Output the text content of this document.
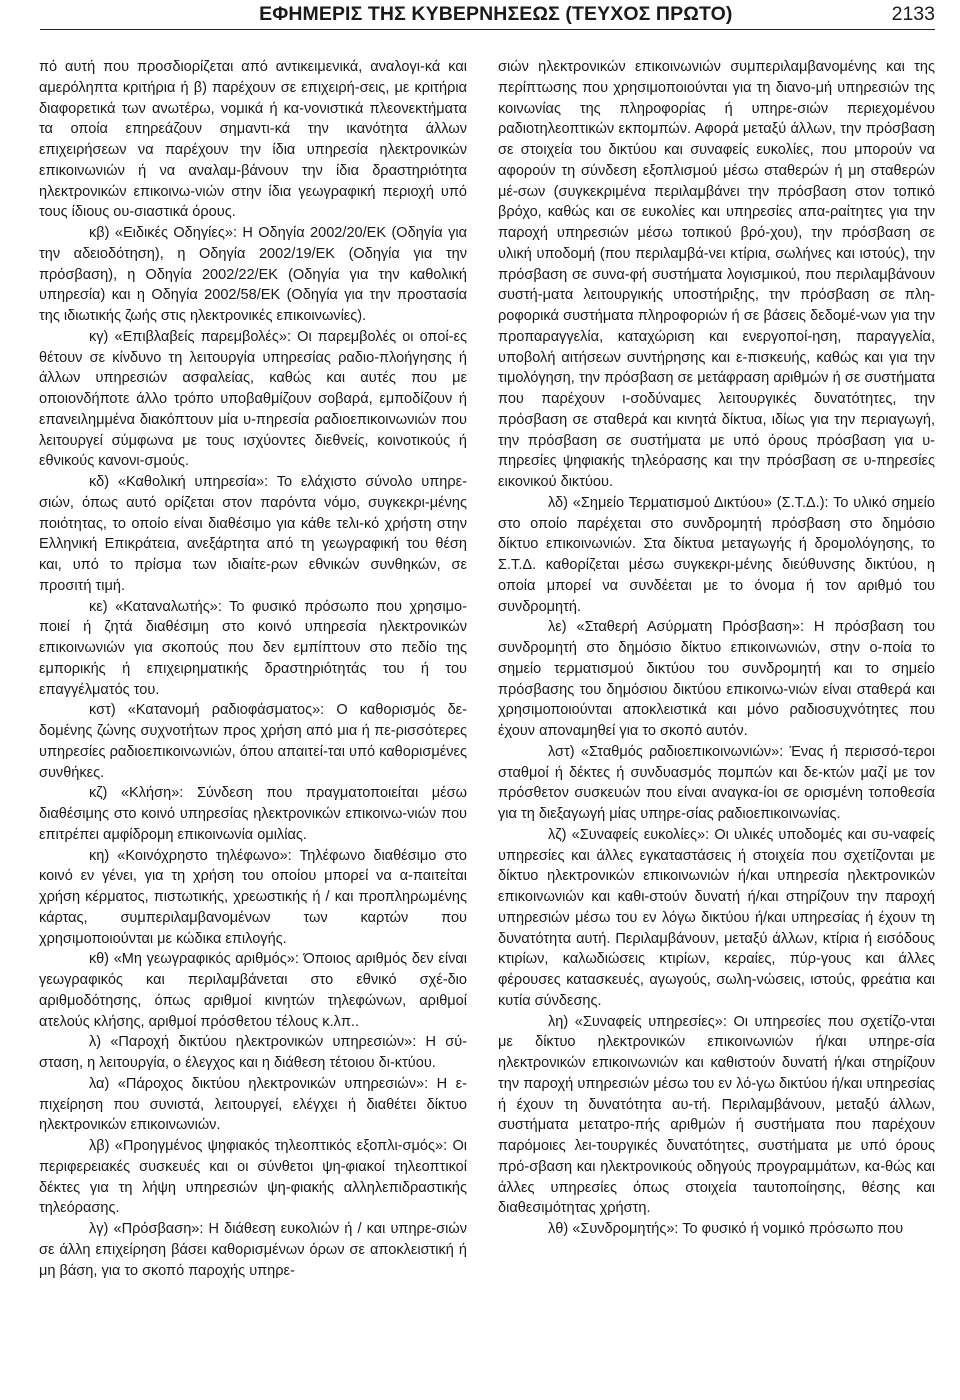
ΕΦΗΜΕΡΙΣ ΤΗΣ ΚΥΒΕΡΝΗΣΕΩΣ (ΤΕΥΧΟΣ ΠΡΩΤΟ)	2133

πό αυτή που προσδιορίζεται από αντικειμενικά, αναλογι-κά και αμερόληπτα κριτήρια ή β) παρέχουν σε επιχειρή-σεις, με κριτήρια διαφορετικά των ανωτέρω, νομικά ή κα-νονιστικά πλεονεκτήματα τα οποία επηρεάζουν σημαντι-κά την ικανότητα άλλων επιχειρήσεων να παρέχουν την ίδια υπηρεσία ηλεκτρονικών επικοινωνιών ή να αναλαμ-βάνουν την ίδια δραστηριότητα ηλεκτρονικών επικοινω-νιών στην ίδια γεωγραφική περιοχή υπό τους ίδιους ου-σιαστικά όρους.

κβ) «Ειδικές Οδηγίες»: Η Οδηγία 2002/20/ΕΚ (Οδηγία για την αδειοδότηση), η Οδηγία 2002/19/ΕΚ (Οδηγία για την πρόσβαση), η Οδηγία 2002/22/ΕΚ (Οδηγία για την καθολική υπηρεσία) και η Οδηγία 2002/58/ΕΚ (Οδηγία για την προστασία της ιδιωτικής ζωής στις ηλεκτρονικές επικοινωνίες).

κγ) «Επιβλαβείς παρεμβολές»: Οι παρεμβολές οι οποί-ες θέτουν σε κίνδυνο τη λειτουργία υπηρεσίας ραδιο-πλοήγησης ή άλλων υπηρεσιών ασφαλείας, καθώς και αυτές που με οποιονδήποτε άλλο τρόπο υποβαθμίζουν σοβαρά, εμποδίζουν ή επανειλημμένα διακόπτουν μία υ-πηρεσία ραδιοεπικοινωνιών που λειτουργεί σύμφωνα με τους ισχύοντες διεθνείς, κοινοτικούς ή εθνικούς κανονι-σμούς.

κδ) «Καθολική υπηρεσία»: Το ελάχιστο σύνολο υπηρε-σιών, όπως αυτό ορίζεται στον παρόντα νόμο, συγκεκρι-μένης ποιότητας, το οποίο είναι διαθέσιμο για κάθε τελι-κό χρήστη στην Ελληνική Επικράτεια, ανεξάρτητα από τη γεωγραφική του θέση και, υπό το πρίσμα των ιδιαίτε-ρων εθνικών συνθηκών, σε προσιτή τιμή.

κε) «Καταναλωτής»: Το φυσικό πρόσωπο που χρησιμο-ποιεί ή ζητά διαθέσιμη στο κοινό υπηρεσία ηλεκτρονικών επικοινωνιών για σκοπούς που δεν εμπίπτουν στο πεδίο της εμπορικής ή επιχειρηματικής δραστηριότητάς του ή του επαγγέλματός του.

κστ) «Κατανομή ραδιοφάσματος»: Ο καθορισμός δε-δομένης ζώνης συχνοτήτων προς χρήση από μια ή πε-ρισσότερες υπηρεσίες ραδιοεπικοινωνιών, όπου απαιτεί-ται υπό καθορισμένες συνθήκες.

κζ) «Κλήση»: Σύνδεση που πραγματοποιείται μέσω διαθέσιμης στο κοινό υπηρεσίας ηλεκτρονικών επικοινω-νιών που επιτρέπει αμφίδρομη επικοινωνία ομιλίας.

κη) «Κοινόχρηστο τηλέφωνο»: Τηλέφωνο διαθέσιμο στο κοινό εν γένει, για τη χρήση του οποίου μπορεί να α-παιτείται χρήση κέρματος, πιστωτικής, χρεωστικής ή / και προπληρωμένης κάρτας, συμπεριλαμβανομένων των καρτών που χρησιμοποιούνται με κώδικα επιλογής.

κθ) «Μη γεωγραφικός αριθμός»: Όποιος αριθμός δεν είναι γεωγραφικός και περιλαμβάνεται στο εθνικό σχέ-διο αριθμοδότησης, όπως αριθμοί κινητών τηλεφώνων, αριθμοί ατελούς κλήσης, αριθμοί πρόσθετου τέλους κ.λπ..

λ) «Παροχή δικτύου ηλεκτρονικών υπηρεσιών»: Η σύ-σταση, η λειτουργία, ο έλεγχος και η διάθεση τέτοιου δι-κτύου.

λα) «Πάροχος δικτύου ηλεκτρονικών υπηρεσιών»: Η ε-πιχείρηση που συνιστά, λειτουργεί, ελέγχει ή διαθέτει δίκτυο ηλεκτρονικών επικοινωνιών.

λβ) «Προηγμένος ψηφιακός τηλεοπτικός εξοπλι-σμός»: Οι περιφερειακές συσκευές και οι σύνθετοι ψη-φιακοί τηλεοπτικοί δέκτες για τη λήψη υπηρεσιών ψη-φιακής αλληλεπιδραστικής τηλεόρασης.

λγ) «Πρόσβαση»: Η διάθεση ευκολιών ή / και υπηρε-σιών σε άλλη επιχείρηση βάσει καθορισμένων όρων σε αποκλειστική ή μη βάση, για το σκοπό παροχής υπηρε-

σιών ηλεκτρονικών επικοινωνιών συμπεριλαμβανομένης και της περίπτωσης που χρησιμοποιούνται για τη διανο-μή υπηρεσιών της κοινωνίας της πληροφορίας ή υπηρε-σιών περιεχομένου ραδιοτηλεοπτικών εκπομπών. Αφορά μεταξύ άλλων, την πρόσβαση σε στοιχεία του δικτύου και συναφείς ευκολίες, που μπορούν να αφορούν τη σύνδεση εξοπλισμού μέσω σταθερών ή μη σταθερών μέ-σων (συγκεκριμένα περιλαμβάνει την πρόσβαση στον τοπικό βρόχο, καθώς και σε ευκολίες και υπηρεσίες απα-ραίτητες για την παροχή υπηρεσιών μέσω τοπικού βρό-χου), την πρόσβαση σε υλική υποδομή (που περιλαμβά-νει κτίρια, σωλήνες και ιστούς), την πρόσβαση σε συνα-φή συστήματα λογισμικού, που περιλαμβάνουν συστή-ματα λειτουργικής υποστήριξης, την πρόσβαση σε πλη-ροφορικά συστήματα πληροφοριών ή σε βάσεις δεδομέ-νων για την προπαραγγελία, καταχώριση και ενεργοποί-ηση, παραγγελία, υποβολή αιτήσεων συντήρησης και ε-πισκευής, καθώς και για την τιμολόγηση, την πρόσβαση σε μετάφραση αριθμών ή σε συστήματα που παρέχουν ι-σοδύναμες λειτουργικές δυνατότητες, την πρόσβαση σε σταθερά και κινητά δίκτυα, ιδίως για την περιαγωγή, την πρόσβαση σε συστήματα με υπό όρους πρόσβαση για υ-πηρεσίες ψηφιακής τηλεόρασης και την πρόσβαση σε υ-πηρεσίες εικονικού δικτύου.

λδ) «Σημείο Τερματισμού Δικτύου» (Σ.Τ.Δ.): Το υλικό σημείο στο οποίο παρέχεται στο συνδρομητή πρόσβαση στο δημόσιο δίκτυο επικοινωνιών. Στα δίκτυα μεταγωγής ή δρομολόγησης, το Σ.Τ.Δ. καθορίζεται μέσω συγκεκρι-μένης διεύθυνσης δικτύου, η οποία μπορεί να συνδέεται με το όνομα ή τον αριθμό του συνδρομητή.

λε) «Σταθερή Ασύρματη Πρόσβαση»: Η πρόσβαση του συνδρομητή στο δημόσιο δίκτυο επικοινωνιών, στην ο-ποία το σημείο τερματισμού δικτύου του συνδρομητή και το σημείο πρόσβασης του δημόσιου δικτύου επικοινω-νιών είναι σταθερά και χρησιμοποιούνται αποκλειστικά και μόνο ραδιοσυχνότητες που έχουν αποναμηθεί για το σκοπό αυτόν.

λστ) «Σταθμός ραδιοεπικοινωνιών»: Ένας ή περισσό-τεροι σταθμοί ή δέκτες ή συνδυασμός πομπών και δε-κτών μαζί με τον πρόσθετον συσκευών που είναι αναγκα-ίοι σε ορισμένη τοποθεσία για τη διεξαγωγή μίας υπηρε-σίας ραδιοεπικοινωνίας.

λζ) «Συναφείς ευκολίες»: Οι υλικές υποδομές και συ-ναφείς υπηρεσίες και άλλες εγκαταστάσεις ή στοιχεία που σχετίζονται με δίκτυο ηλεκτρονικών επικοινωνιών ή/και υπηρεσία ηλεκτρονικών επικοινωνιών και καθι-στούν δυνατή ή/και στηρίζουν την παροχή υπηρεσιών μέσω του εν λόγω δικτύου ή/και υπηρεσίας ή έχουν τη δυνατότητα αυτή. Περιλαμβάνουν, μεταξύ άλλων, κτίρια ή εισόδους κτιρίων, καλωδιώσεις κτιρίων, κεραίες, πύρ-γους και άλλες φέρουσες κατασκευές, αγωγούς, σωλη-νώσεις, ιστούς, φρεάτια και κυτία σύνδεσης.

λη) «Συναφείς υπηρεσίες»: Οι υπηρεσίες που σχετίζο-νται με δίκτυο ηλεκτρονικών επικοινωνιών ή/και υπηρε-σία ηλεκτρονικών επικοινωνιών και καθιστούν δυνατή ή/και στηρίζουν την παροχή υπηρεσιών μέσω του εν λό-γω δικτύου ή/και υπηρεσίας ή έχουν τη δυνατότητα αυ-τή. Περιλαμβάνουν, μεταξύ άλλων, συστήματα μετατρο-πής αριθμών ή συστήματα που παρέχουν παρόμοιες λει-τουργικές δυνατότητες, συστήματα με υπό όρους πρό-σβαση και ηλεκτρονικούς οδηγούς προγραμμάτων, κα-θώς και άλλες υπηρεσίες όπως στοιχεία ταυτοποίησης, θέσης και διαθεσιμότητας χρήστη.

λθ) «Συνδρομητής»: Το φυσικό ή νομικό πρόσωπο που
